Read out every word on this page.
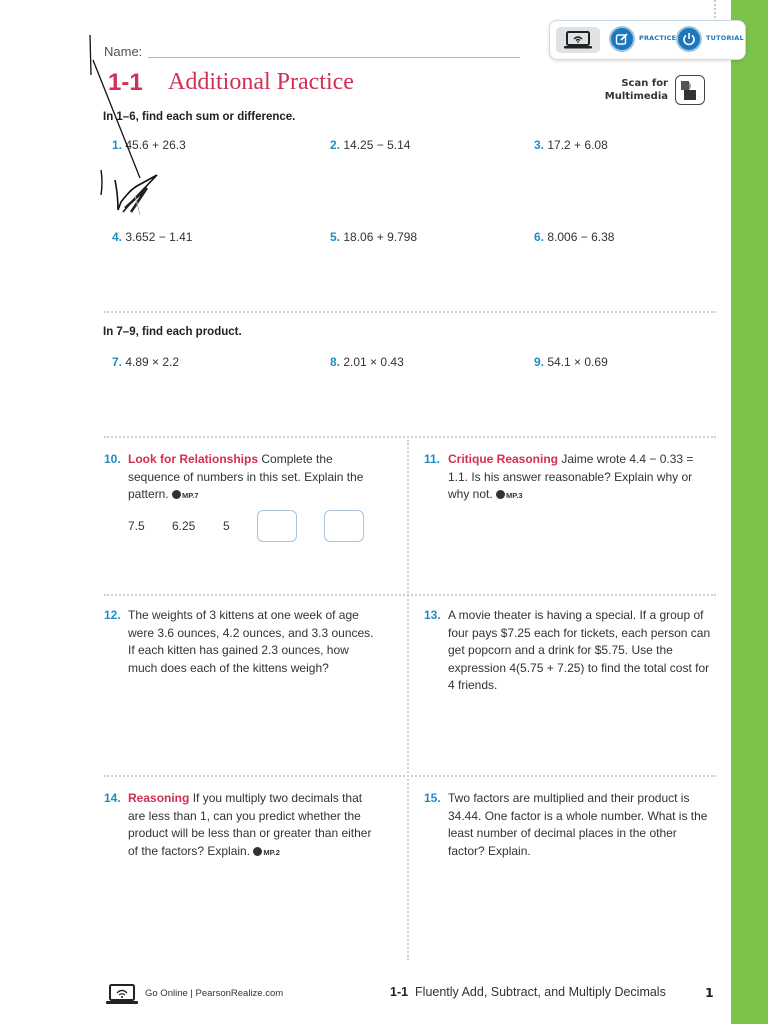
PRACTICE	TUTORIAL
Name:
1-1 Additional Practice	Scan for
Multimedia
In 1–6, find each sum or difference.
1. 45.6 + 26.3	2. 14.25 − 5.14	3. 17.2 + 6.08
4. 3.652 − 1.41	5. 18.06 + 9.798	6. 8.006 − 6.38
In 7–9, find each product.
7. 4.89 × 2.2	8. 2.01 × 0.43	9. 54.1 × 0.69
10. Look for Relationships Complete the sequence of numbers in this set. Explain the pattern. MP.7
7.5 6.25 5
11. Critique Reasoning Jaime wrote 4.4 − 0.33 = 1.1. Is his answer reasonable? Explain why or why not. MP.3
12. The weights of 3 kittens at one week of age were 3.6 ounces, 4.2 ounces, and 3.3 ounces. If each kitten has gained 2.3 ounces, how much does each of the kittens weigh?
13. A movie theater is having a special. If a group of four pays $7.25 each for tickets, each person can get popcorn and a drink for $5.75. Use the expression 4(5.75 + 7.25) to find the total cost for 4 friends.
14. Reasoning If you multiply two decimals that are less than 1, can you predict whether the product will be less than or greater than either of the factors? Explain. MP.2
15. Two factors are multiplied and their product is 34.44. One factor is a whole number. What is the least number of decimal places in the other factor? Explain.
Go Online | PearsonRealize.com	1-1 Fluently Add, Subtract, and Multiply Decimals	1
